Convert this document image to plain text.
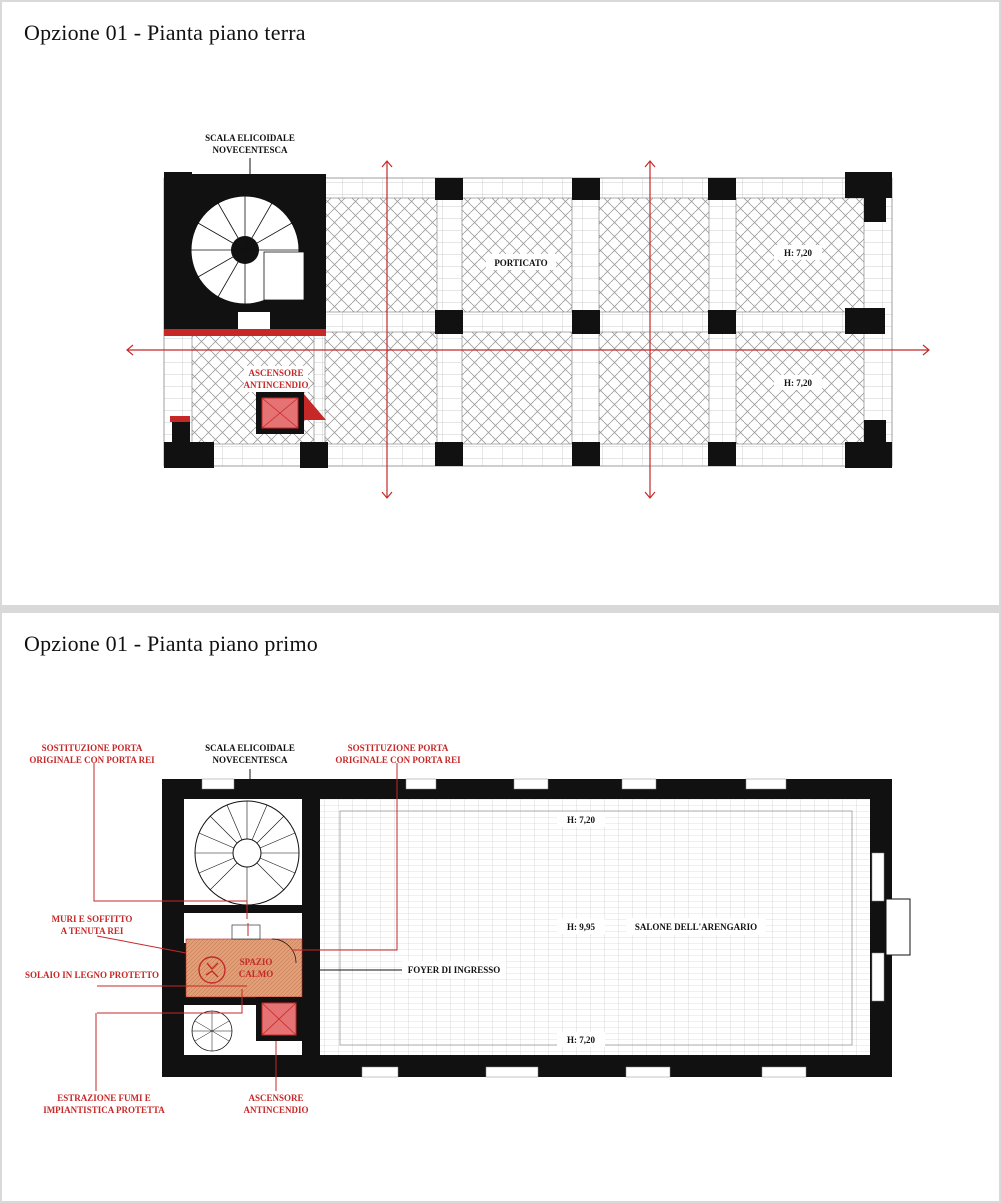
Opzione 01 - Pianta piano terra
SCALA ELICOIDALE
NOVECENTESCA
PORTICATO
H: 7,20
H: 7,20
ASCENSORE
ANTINCENDIO
Opzione 01 - Pianta piano primo
SOSTITUZIONE PORTA
ORIGINALE CON PORTA REI
SCALA ELICOIDALE
NOVECENTESCA
SOSTITUZIONE PORTA
ORIGINALE CON PORTA REI
MURI E SOFFITTO
A TENUTA REI
SOLAIO IN LEGNO PROTETTO
SPAZIO
CALMO
ESTRAZIONE FUMI E
IMPIANTISTICA PROTETTA
ASCENSORE
ANTINCENDIO
FOYER DI INGRESSO
H: 7,20
H: 9,95	SALONE DELL'ARENGARIO
H: 7,20
